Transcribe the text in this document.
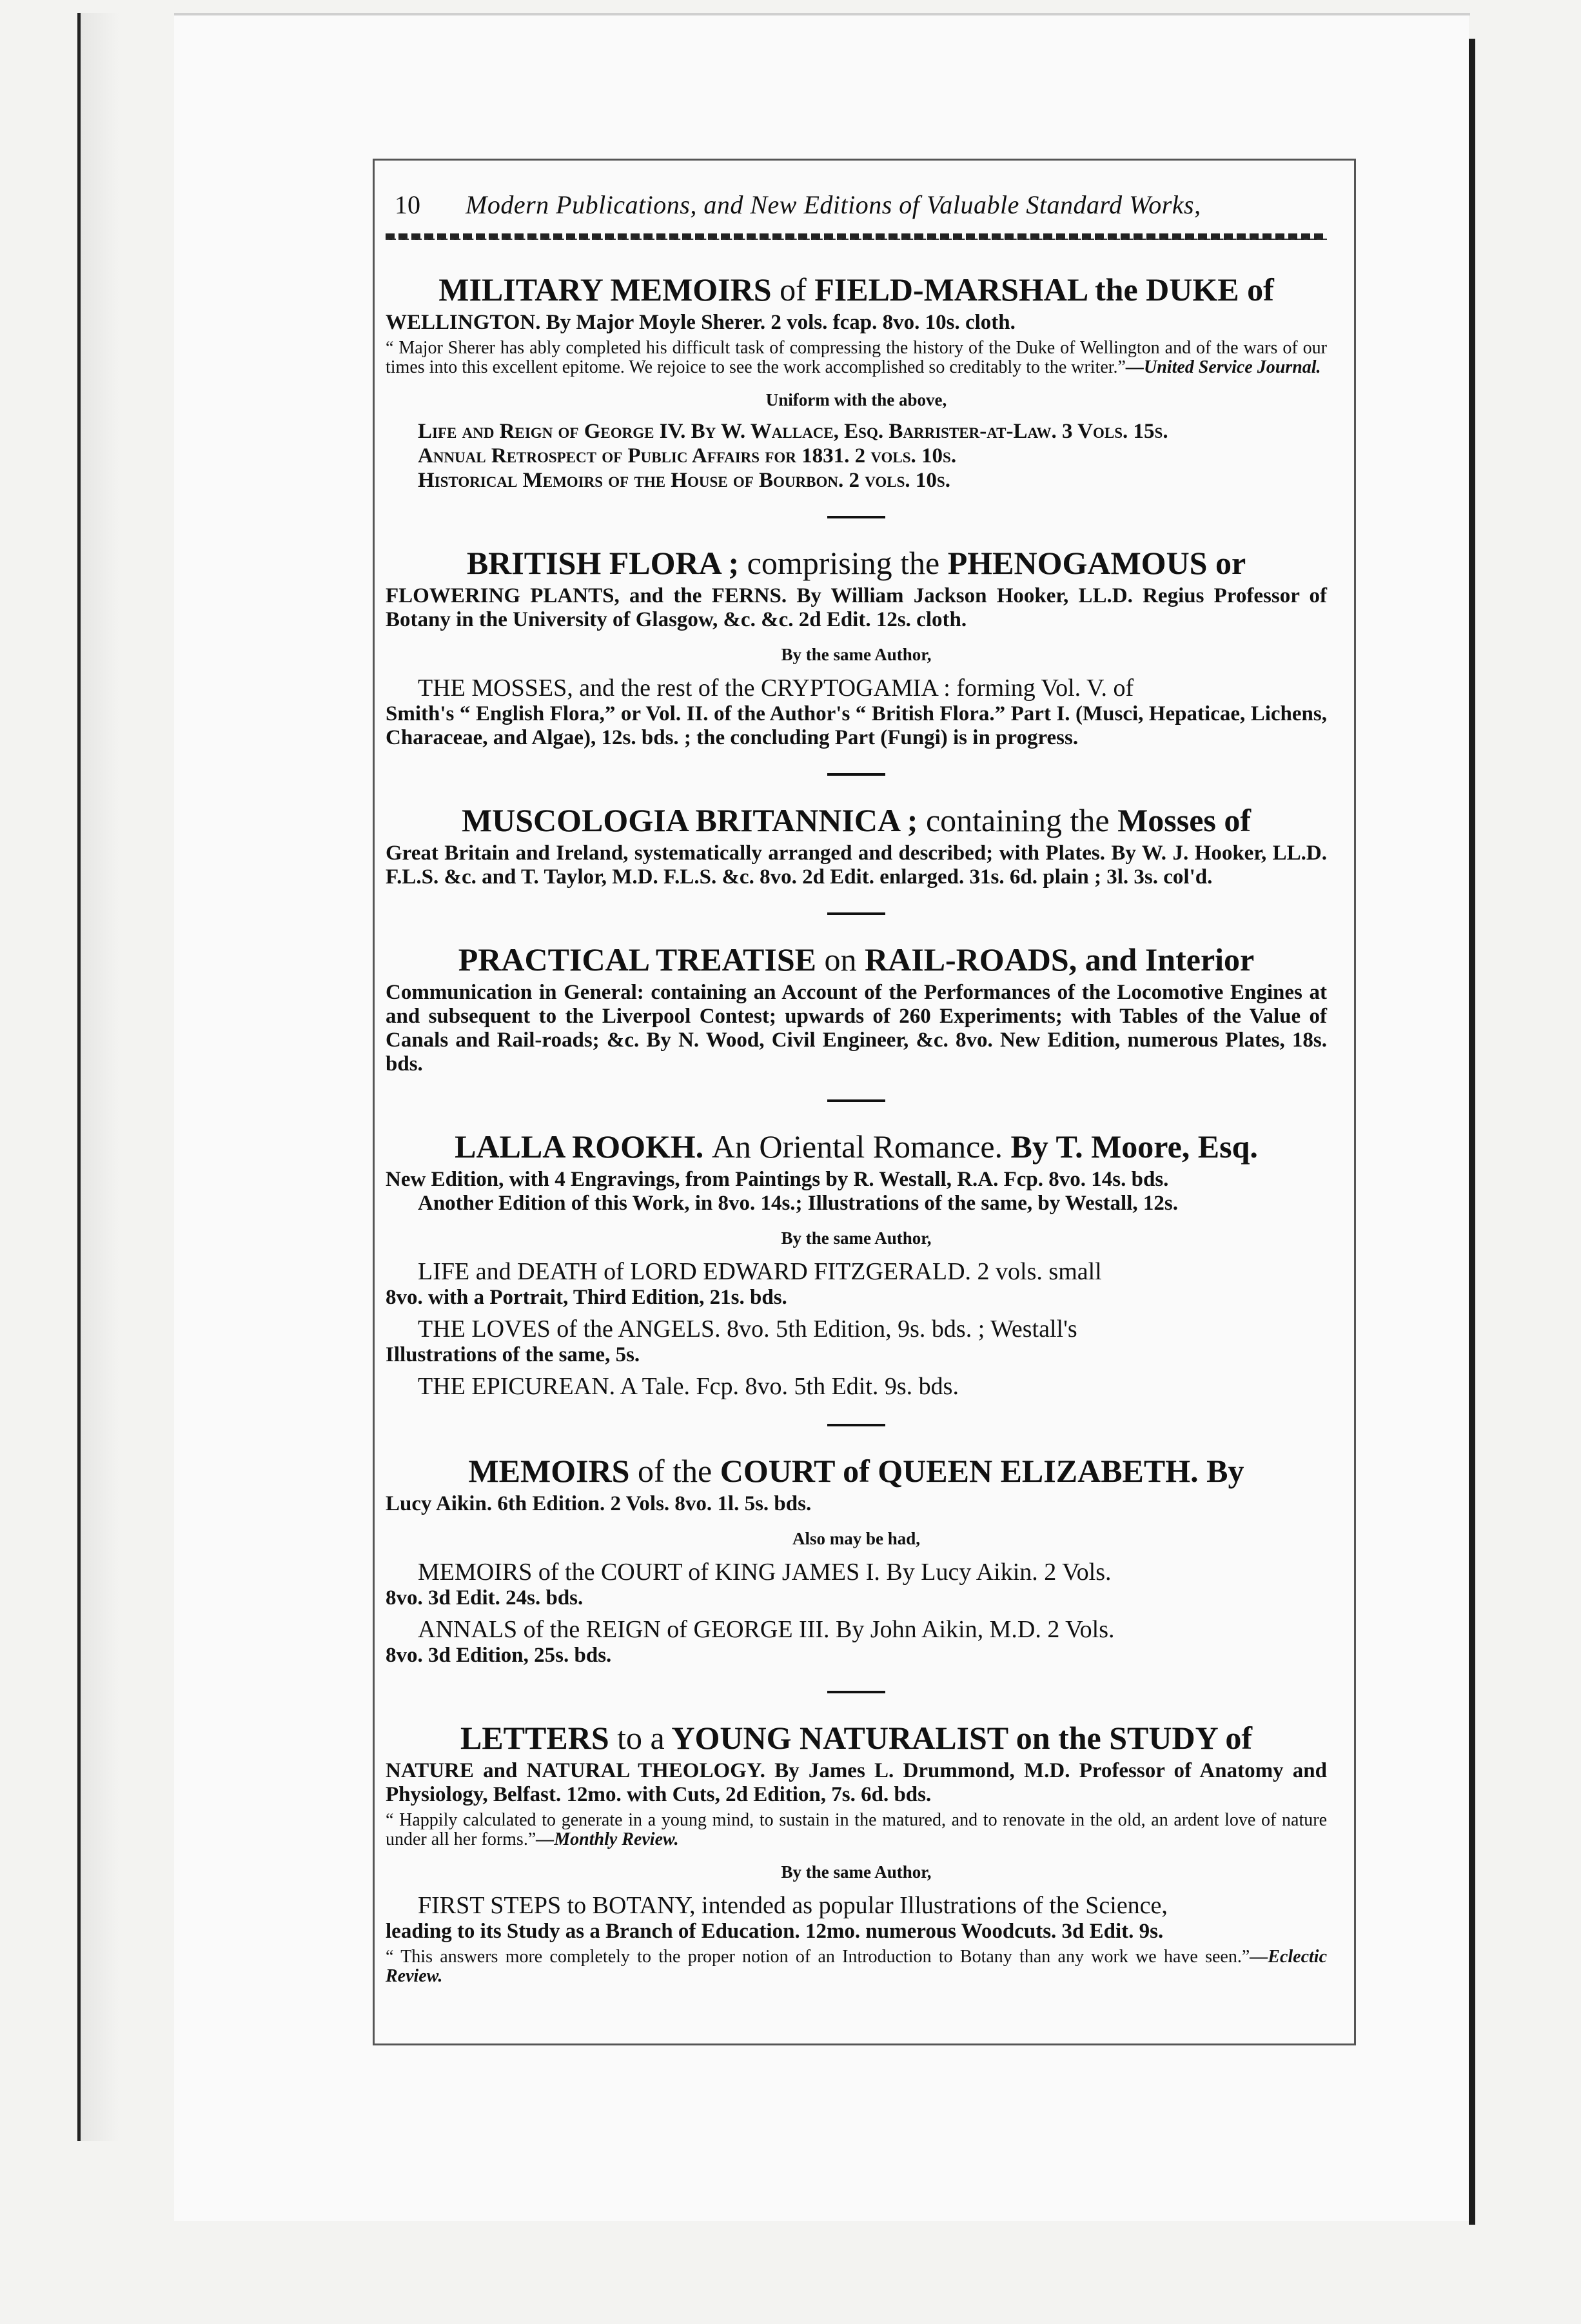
10	Modern Publications, and New Editions of Valuable Standard Works,
MILITARY MEMOIRS of FIELD-MARSHAL the DUKE of
WELLINGTON. By Major Moyle Sherer. 2 vols. fcap. 8vo. 10s. cloth.
“ Major Sherer has ably completed his difficult task of compressing the history of the Duke of Wellington and of the wars of our times into this excellent epitome. We rejoice to see the work accomplished so creditably to the writer.”—United Service Journal.
Uniform with the above,
Life and Reign of George IV. By W. Wallace, Esq. Barrister-at-Law. 3 Vols. 15s.
Annual Retrospect of Public Affairs for 1831. 2 vols. 10s.
Historical Memoirs of the House of Bourbon. 2 vols. 10s.
BRITISH FLORA ; comprising the PHENOGAMOUS or
FLOWERING PLANTS, and the FERNS. By William Jackson Hooker, LL.D. Regius Professor of Botany in the University of Glasgow, &c. &c. 2d Edit. 12s. cloth.
By the same Author,
THE MOSSES, and the rest of the CRYPTOGAMIA : forming Vol. V. of
Smith's “ English Flora,” or Vol. II. of the Author's “ British Flora.” Part I. (Musci, Hepaticae, Lichens, Characeae, and Algae), 12s. bds. ; the concluding Part (Fungi) is in progress.
MUSCOLOGIA BRITANNICA ; containing the Mosses of
Great Britain and Ireland, systematically arranged and described; with Plates. By W. J. Hooker, LL.D. F.L.S. &c. and T. Taylor, M.D. F.L.S. &c. 8vo. 2d Edit. enlarged. 31s. 6d. plain ; 3l. 3s. col'd.
PRACTICAL TREATISE on RAIL-ROADS, and Interior
Communication in General: containing an Account of the Performances of the Locomotive Engines at and subsequent to the Liverpool Contest; upwards of 260 Experiments; with Tables of the Value of Canals and Rail-roads; &c. By N. Wood, Civil Engineer, &c. 8vo. New Edition, numerous Plates, 18s. bds.
LALLA ROOKH. An Oriental Romance. By T. Moore, Esq.
New Edition, with 4 Engravings, from Paintings by R. Westall, R.A. Fcp. 8vo. 14s. bds.
Another Edition of this Work, in 8vo. 14s.; Illustrations of the same, by Westall, 12s.
By the same Author,
LIFE and DEATH of LORD EDWARD FITZGERALD. 2 vols. small
8vo. with a Portrait, Third Edition, 21s. bds.
THE LOVES of the ANGELS. 8vo. 5th Edition, 9s. bds. ; Westall's
Illustrations of the same, 5s.
THE EPICUREAN. A Tale. Fcp. 8vo. 5th Edit. 9s. bds.
MEMOIRS of the COURT of QUEEN ELIZABETH. By
Lucy Aikin. 6th Edition. 2 Vols. 8vo. 1l. 5s. bds.
Also may be had,
MEMOIRS of the COURT of KING JAMES I. By Lucy Aikin. 2 Vols.
8vo. 3d Edit. 24s. bds.
ANNALS of the REIGN of GEORGE III. By John Aikin, M.D. 2 Vols.
8vo. 3d Edition, 25s. bds.
LETTERS to a YOUNG NATURALIST on the STUDY of
NATURE and NATURAL THEOLOGY. By James L. Drummond, M.D. Professor of Anatomy and Physiology, Belfast. 12mo. with Cuts, 2d Edition, 7s. 6d. bds.
“ Happily calculated to generate in a young mind, to sustain in the matured, and to renovate in the old, an ardent love of nature under all her forms.”—Monthly Review.
By the same Author,
FIRST STEPS to BOTANY, intended as popular Illustrations of the Science,
leading to its Study as a Branch of Education. 12mo. numerous Woodcuts. 3d Edit. 9s.
“ This answers more completely to the proper notion of an Introduction to Botany than any work we have seen.”—Eclectic Review.
